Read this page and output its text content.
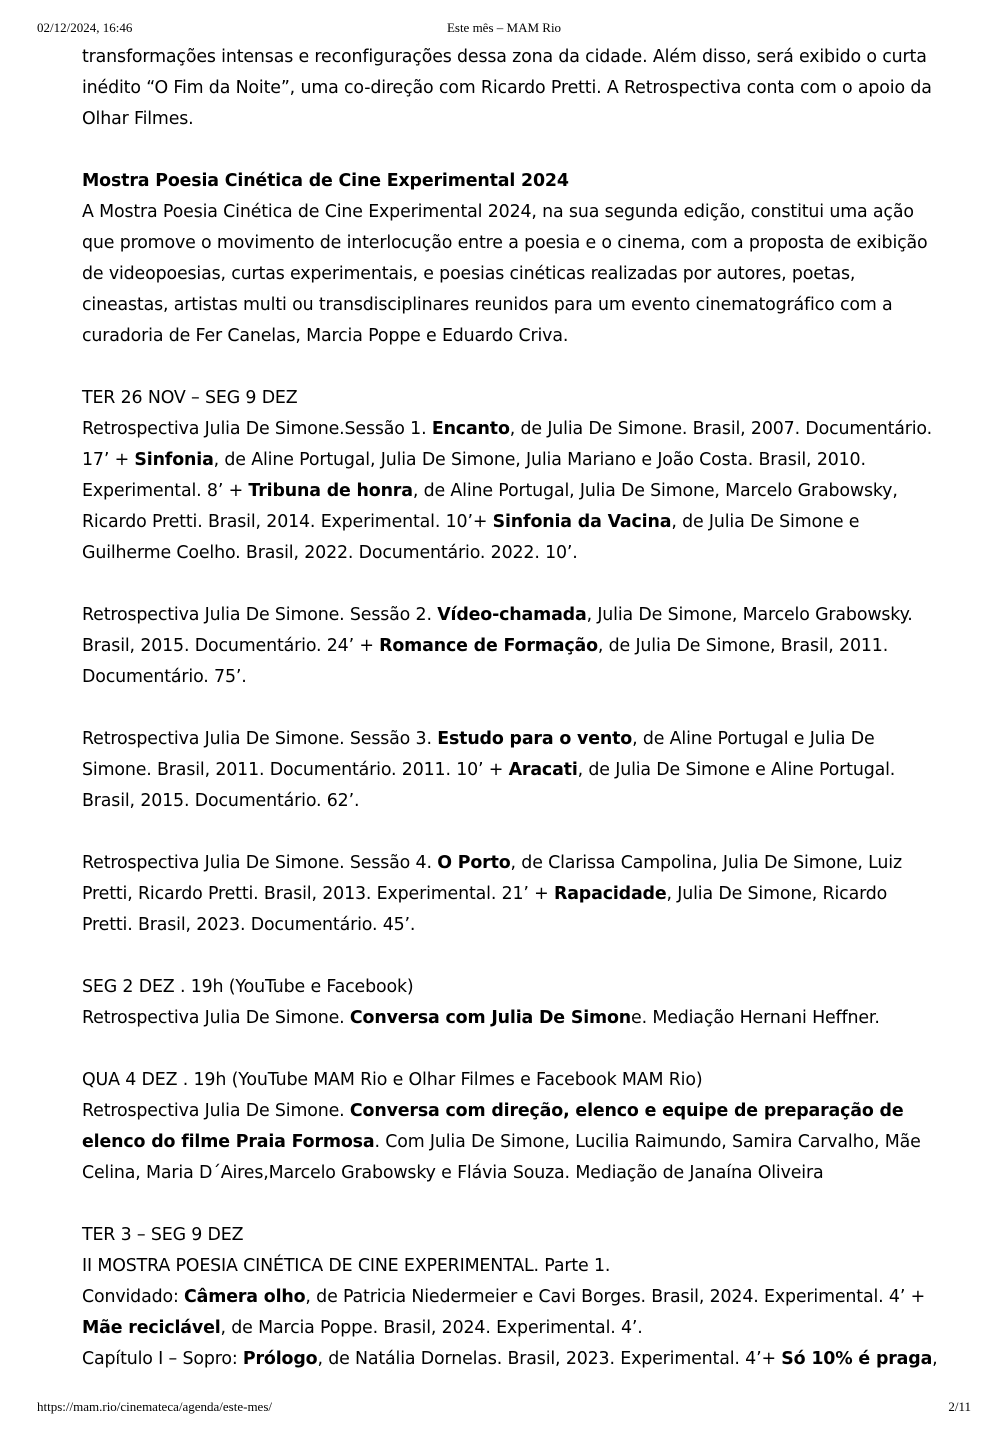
02/12/2024, 16:46	Este mês – MAM Rio

transformações intensas e reconfigurações dessa zona da cidade. Além disso, será exibido o curta inédito “O Fim da Noite”, uma co-direção com Ricardo Pretti. A Retrospectiva conta com o apoio da Olhar Filmes.

Mostra Poesia Cinética de Cine Experimental 2024
A Mostra Poesia Cinética de Cine Experimental 2024, na sua segunda edição, constitui uma ação que promove o movimento de interlocução entre a poesia e o cinema, com a proposta de exibição de videopoesias, curtas experimentais, e poesias cinéticas realizadas por autores, poetas, cineastas, artistas multi ou transdisciplinares reunidos para um evento cinematográfico com a curadoria de Fer Canelas, Marcia Poppe e Eduardo Criva.

TER 26 NOV – SEG 9 DEZ
Retrospectiva Julia De Simone.Sessão 1. Encanto, de Julia De Simone. Brasil, 2007. Documentário. 17’ + Sinfonia, de Aline Portugal, Julia De Simone, Julia Mariano e João Costa. Brasil, 2010. Experimental. 8’ + Tribuna de honra, de Aline Portugal, Julia De Simone, Marcelo Grabowsky, Ricardo Pretti. Brasil, 2014. Experimental. 10’+ Sinfonia da Vacina, de Julia De Simone e Guilherme Coelho. Brasil, 2022. Documentário. 2022. 10’.

Retrospectiva Julia De Simone. Sessão 2. Vídeo-chamada, Julia De Simone, Marcelo Grabowsky. Brasil, 2015. Documentário. 24’ + Romance de Formação, de Julia De Simone, Brasil, 2011. Documentário. 75’.

Retrospectiva Julia De Simone. Sessão 3. Estudo para o vento, de Aline Portugal e Julia De Simone. Brasil, 2011. Documentário. 2011. 10’ + Aracati, de Julia De Simone e Aline Portugal. Brasil, 2015. Documentário. 62’.

Retrospectiva Julia De Simone. Sessão 4. O Porto, de Clarissa Campolina, Julia De Simone, Luiz Pretti, Ricardo Pretti. Brasil, 2013. Experimental. 21’ + Rapacidade, Julia De Simone, Ricardo Pretti. Brasil, 2023. Documentário. 45’.

SEG 2 DEZ . 19h (YouTube e Facebook)
Retrospectiva Julia De Simone. Conversa com Julia De Simone. Mediação Hernani Heffner.

QUA 4 DEZ . 19h (YouTube MAM Rio e Olhar Filmes e Facebook MAM Rio)
Retrospectiva Julia De Simone. Conversa com direção, elenco e equipe de preparação de elenco do filme Praia Formosa. Com Julia De Simone, Lucilia Raimundo, Samira Carvalho, Mãe Celina, Maria D´Aires,Marcelo Grabowsky e Flávia Souza. Mediação de Janaína Oliveira

TER 3 – SEG 9 DEZ
II MOSTRA POESIA CINÉTICA DE CINE EXPERIMENTAL. Parte 1.
Convidado: Câmera olho, de Patricia Niedermeier e Cavi Borges. Brasil, 2024. Experimental. 4’ + Mãe reciclável, de Marcia Poppe. Brasil, 2024. Experimental. 4’.
Capítulo I – Sopro: Prólogo, de Natália Dornelas. Brasil, 2023. Experimental. 4’+ Só 10% é praga,

https://mam.rio/cinemateca/agenda/este-mes/	2/11
